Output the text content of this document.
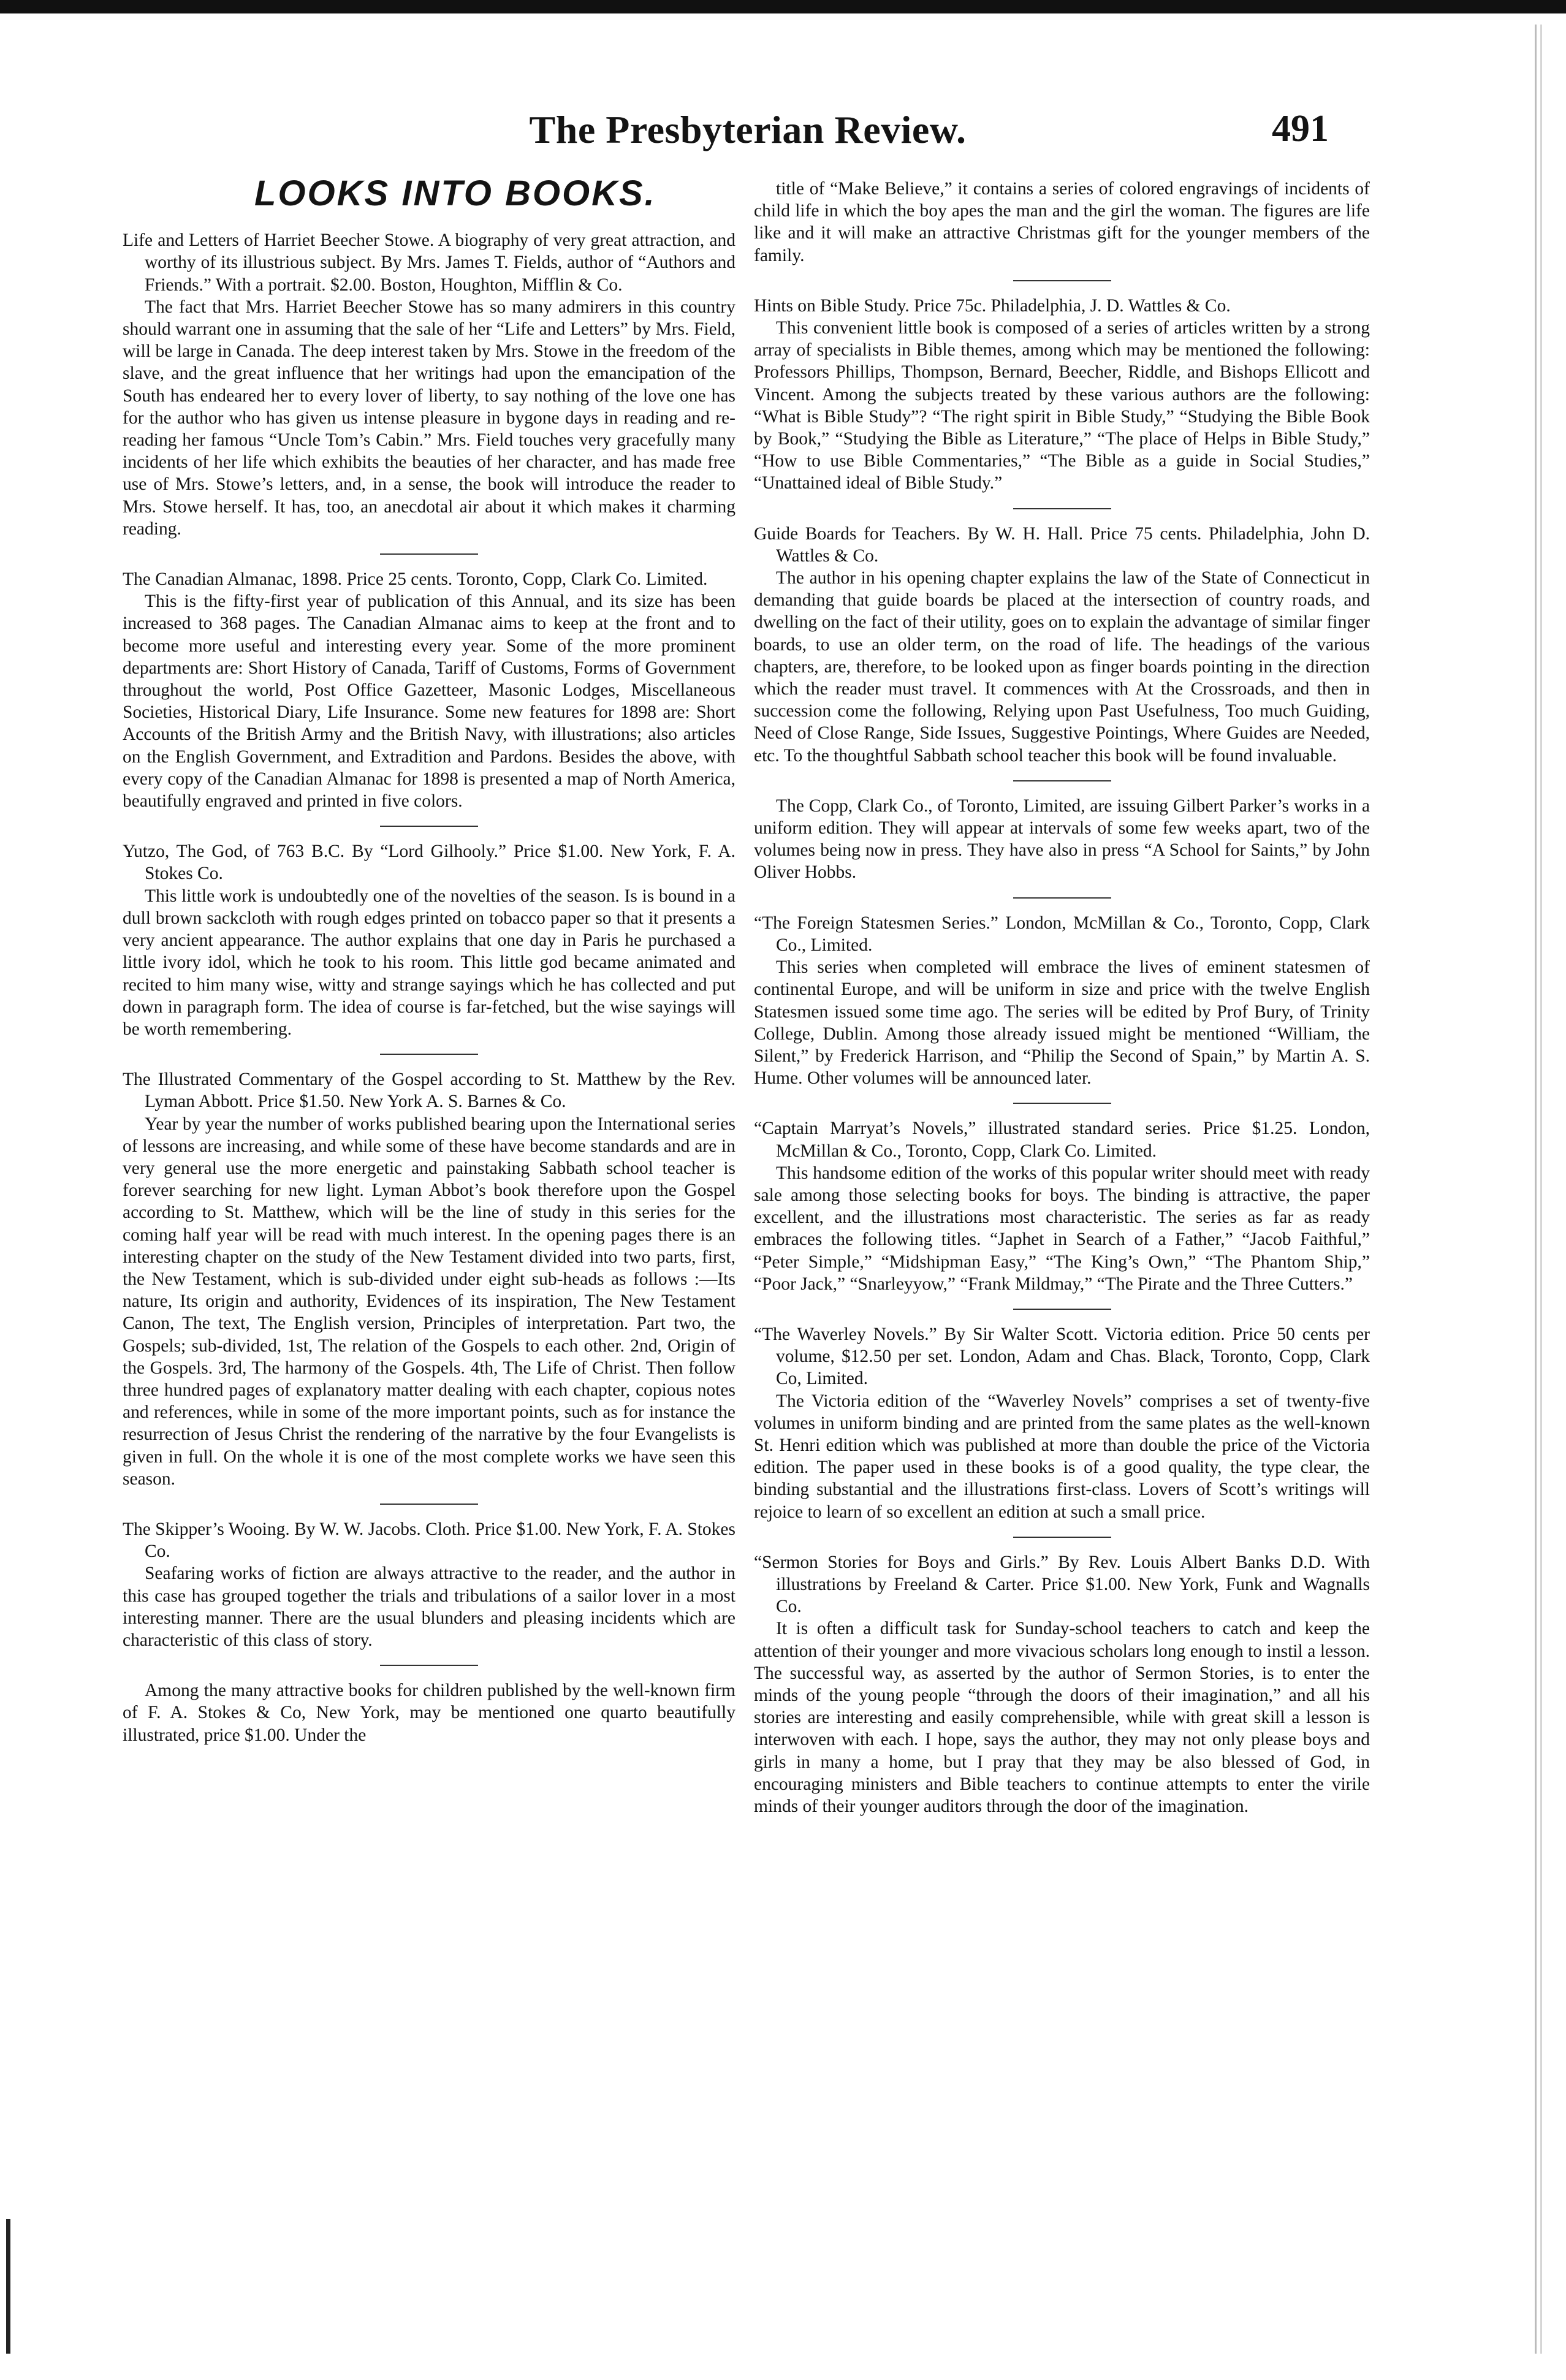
The Presbyterian Review.	491
LOOKS INTO BOOKS.

Life and Letters of Harriet Beecher Stowe. A biography of very great attraction, and worthy of its illustrious subject. By Mrs. James T. Fields, author of “Authors and Friends.” With a portrait. $2.00. Boston, Houghton, Mifflin & Co.

The fact that Mrs. Harriet Beecher Stowe has so many admirers in this country should warrant one in assuming that the sale of her “Life and Letters” by Mrs. Field, will be large in Canada. The deep interest taken by Mrs. Stowe in the freedom of the slave, and the great influence that her writings had upon the emancipation of the South has endeared her to every lover of liberty, to say nothing of the love one has for the author who has given us intense pleasure in bygone days in reading and re-reading her famous “Uncle Tom’s Cabin.” Mrs. Field touches very gracefully many incidents of her life which exhibits the beauties of her character, and has made free use of Mrs. Stowe’s letters, and, in a sense, the book will introduce the reader to Mrs. Stowe herself. It has, too, an anecdotal air about it which makes it charming reading.

The Canadian Almanac, 1898. Price 25 cents. Toronto, Copp, Clark Co. Limited.

This is the fifty-first year of publication of this Annual, and its size has been increased to 368 pages. The Canadian Almanac aims to keep at the front and to become more useful and interesting every year. Some of the more prominent departments are: Short History of Canada, Tariff of Customs, Forms of Government throughout the world, Post Office Gazetteer, Masonic Lodges, Miscellaneous Societies, Historical Diary, Life Insurance. Some new features for 1898 are: Short Accounts of the British Army and the British Navy, with illustrations; also articles on the English Government, and Extradition and Pardons. Besides the above, with every copy of the Canadian Almanac for 1898 is presented a map of North America, beautifully engraved and printed in five colors.

Yutzo, The God, of 763 B.C. By “Lord Gilhooly.” Price $1.00. New York, F. A. Stokes Co.

This little work is undoubtedly one of the novelties of the season. Is is bound in a dull brown sackcloth with rough edges printed on tobacco paper so that it presents a very ancient appearance. The author explains that one day in Paris he purchased a little ivory idol, which he took to his room. This little god became animated and recited to him many wise, witty and strange sayings which he has collected and put down in paragraph form. The idea of course is far-fetched, but the wise sayings will be worth remembering.

The Illustrated Commentary of the Gospel according to St. Matthew by the Rev. Lyman Abbott. Price $1.50. New York A. S. Barnes & Co.

Year by year the number of works published bearing upon the International series of lessons are increasing, and while some of these have become standards and are in very general use the more energetic and painstaking Sabbath school teacher is forever searching for new light. Lyman Abbot’s book therefore upon the Gospel according to St. Matthew, which will be the line of study in this series for the coming half year will be read with much interest. In the opening pages there is an interesting chapter on the study of the New Testament divided into two parts, first, the New Testament, which is sub-divided under eight sub-heads as follows :—Its nature, Its origin and authority, Evidences of its inspiration, The New Testament Canon, The text, The English version, Principles of interpretation. Part two, the Gospels; sub-divided, 1st, The relation of the Gospels to each other. 2nd, Origin of the Gospels. 3rd, The harmony of the Gospels. 4th, The Life of Christ. Then follow three hundred pages of explanatory matter dealing with each chapter, copious notes and references, while in some of the more important points, such as for instance the resurrection of Jesus Christ the rendering of the narrative by the four Evangelists is given in full. On the whole it is one of the most complete works we have seen this season.

The Skipper’s Wooing. By W. W. Jacobs. Cloth. Price $1.00. New York, F. A. Stokes Co.

Seafaring works of fiction are always attractive to the reader, and the author in this case has grouped together the trials and tribulations of a sailor lover in a most interesting manner. There are the usual blunders and pleasing incidents which are characteristic of this class of story.

Among the many attractive books for children published by the well-known firm of F. A. Stokes & Co, New York, may be mentioned one quarto beautifully illustrated, price $1.00. Under the

title of “Make Believe,” it contains a series of colored engravings of incidents of child life in which the boy apes the man and the girl the woman. The figures are life like and it will make an attractive Christmas gift for the younger members of the family.

Hints on Bible Study. Price 75c. Philadelphia, J. D. Wattles & Co.

This convenient little book is composed of a series of articles written by a strong array of specialists in Bible themes, among which may be mentioned the following: Professors Phillips, Thompson, Bernard, Beecher, Riddle, and Bishops Ellicott and Vincent. Among the subjects treated by these various authors are the following: “What is Bible Study”? “The right spirit in Bible Study,” “Studying the Bible Book by Book,” “Studying the Bible as Literature,” “The place of Helps in Bible Study,” “How to use Bible Commentaries,” “The Bible as a guide in Social Studies,” “Unattained ideal of Bible Study.”

Guide Boards for Teachers. By W. H. Hall. Price 75 cents. Philadelphia, John D. Wattles & Co.

The author in his opening chapter explains the law of the State of Connecticut in demanding that guide boards be placed at the intersection of country roads, and dwelling on the fact of their utility, goes on to explain the advantage of similar finger boards, to use an older term, on the road of life. The headings of the various chapters, are, therefore, to be looked upon as finger boards pointing in the direction which the reader must travel. It commences with At the Crossroads, and then in succession come the following, Relying upon Past Usefulness, Too much Guiding, Need of Close Range, Side Issues, Suggestive Pointings, Where Guides are Needed, etc. To the thoughtful Sabbath school teacher this book will be found invaluable.

The Copp, Clark Co., of Toronto, Limited, are issuing Gilbert Parker’s works in a uniform edition. They will appear at intervals of some few weeks apart, two of the volumes being now in press. They have also in press “A School for Saints,” by John Oliver Hobbs.

“The Foreign Statesmen Series.” London, McMillan & Co., Toronto, Copp, Clark Co., Limited.

This series when completed will embrace the lives of eminent statesmen of continental Europe, and will be uniform in size and price with the twelve English Statesmen issued some time ago. The series will be edited by Prof Bury, of Trinity College, Dublin. Among those already issued might be mentioned “William, the Silent,” by Frederick Harrison, and “Philip the Second of Spain,” by Martin A. S. Hume. Other volumes will be announced later.

“Captain Marryat’s Novels,” illustrated standard series. Price $1.25. London, McMillan & Co., Toronto, Copp, Clark Co. Limited.

This handsome edition of the works of this popular writer should meet with ready sale among those selecting books for boys. The binding is attractive, the paper excellent, and the illustrations most characteristic. The series as far as ready embraces the following titles. “Japhet in Search of a Father,” “Jacob Faithful,” “Peter Simple,” “Midshipman Easy,” “The King’s Own,” “The Phantom Ship,” “Poor Jack,” “Snarleyyow,” “Frank Mildmay,” “The Pirate and the Three Cutters.”

“The Waverley Novels.” By Sir Walter Scott. Victoria edition. Price 50 cents per volume, $12.50 per set. London, Adam and Chas. Black, Toronto, Copp, Clark Co, Limited.

The Victoria edition of the “Waverley Novels” comprises a set of twenty-five volumes in uniform binding and are printed from the same plates as the well-known St. Henri edition which was published at more than double the price of the Victoria edition. The paper used in these books is of a good quality, the type clear, the binding substantial and the illustrations first-class. Lovers of Scott’s writings will rejoice to learn of so excellent an edition at such a small price.

“Sermon Stories for Boys and Girls.” By Rev. Louis Albert Banks D.D. With illustrations by Freeland & Carter. Price $1.00. New York, Funk and Wagnalls Co.

It is often a difficult task for Sunday-school teachers to catch and keep the attention of their younger and more vivacious scholars long enough to instil a lesson. The successful way, as asserted by the author of Sermon Stories, is to enter the minds of the young people “through the doors of their imagination,” and all his stories are interesting and easily comprehensible, while with great skill a lesson is interwoven with each. I hope, says the author, they may not only please boys and girls in many a home, but I pray that they may be also blessed of God, in encouraging ministers and Bible teachers to continue attempts to enter the virile minds of their younger auditors through the door of the imagination.
